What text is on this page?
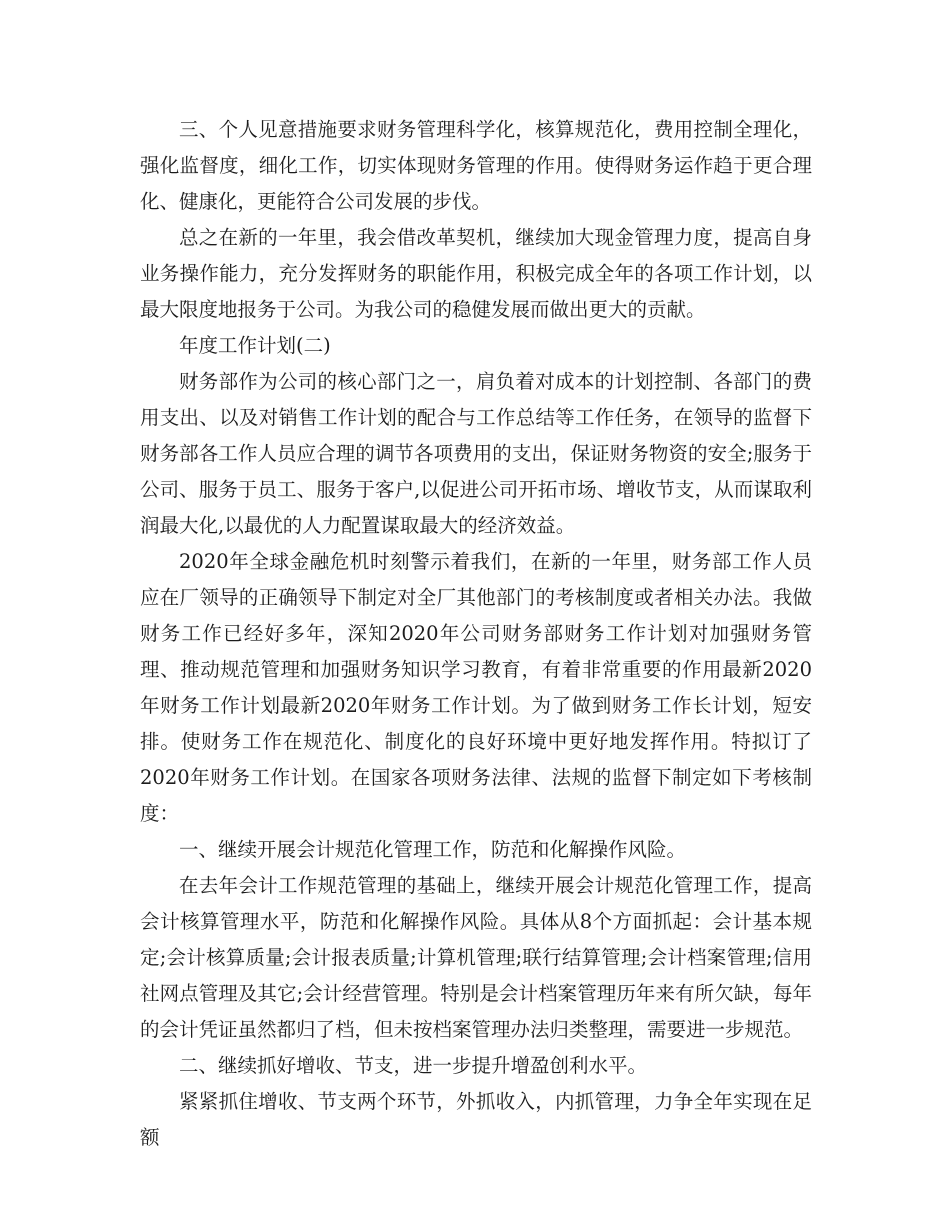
三、个人见意措施要求财务管理科学化，核算规范化，费用控制全理化，强化监督度，细化工作，切实体现财务管理的作用。使得财务运作趋于更合理化、健康化，更能符合公司发展的步伐。

总之在新的一年里，我会借改革契机，继续加大现金管理力度，提高自身业务操作能力，充分发挥财务的职能作用，积极完成全年的各项工作计划，以最大限度地报务于公司。为我公司的稳健发展而做出更大的贡献。

年度工作计划(二)

财务部作为公司的核心部门之一，肩负着对成本的计划控制、各部门的费用支出、以及对销售工作计划的配合与工作总结等工作任务，在领导的监督下财务部各工作人员应合理的调节各项费用的支出，保证财务物资的安全;服务于公司、服务于员工、服务于客户,以促进公司开拓市场、增收节支，从而谋取利润最大化,以最优的人力配置谋取最大的经济效益。

2020年全球金融危机时刻警示着我们，在新的一年里，财务部工作人员应在厂领导的正确领导下制定对全厂其他部门的考核制度或者相关办法。我做财务工作已经好多年，深知2020年公司财务部财务工作计划对加强财务管理、推动规范管理和加强财务知识学习教育，有着非常重要的作用最新2020年财务工作计划最新2020年财务工作计划。为了做到财务工作长计划，短安排。使财务工作在规范化、制度化的良好环境中更好地发挥作用。特拟订了2020年财务工作计划。在国家各项财务法律、法规的监督下制定如下考核制度：

一、继续开展会计规范化管理工作，防范和化解操作风险。

在去年会计工作规范管理的基础上，继续开展会计规范化管理工作，提高会计核算管理水平，防范和化解操作风险。具体从8个方面抓起：会计基本规定;会计核算质量;会计报表质量;计算机管理;联行结算管理;会计档案管理;信用社网点管理及其它;会计经营管理。特别是会计档案管理历年来有所欠缺，每年的会计凭证虽然都归了档，但未按档案管理办法归类整理，需要进一步规范。

二、继续抓好增收、节支，进一步提升增盈创利水平。

紧紧抓住增收、节支两个环节，外抓收入，内抓管理，力争全年实现在足额
